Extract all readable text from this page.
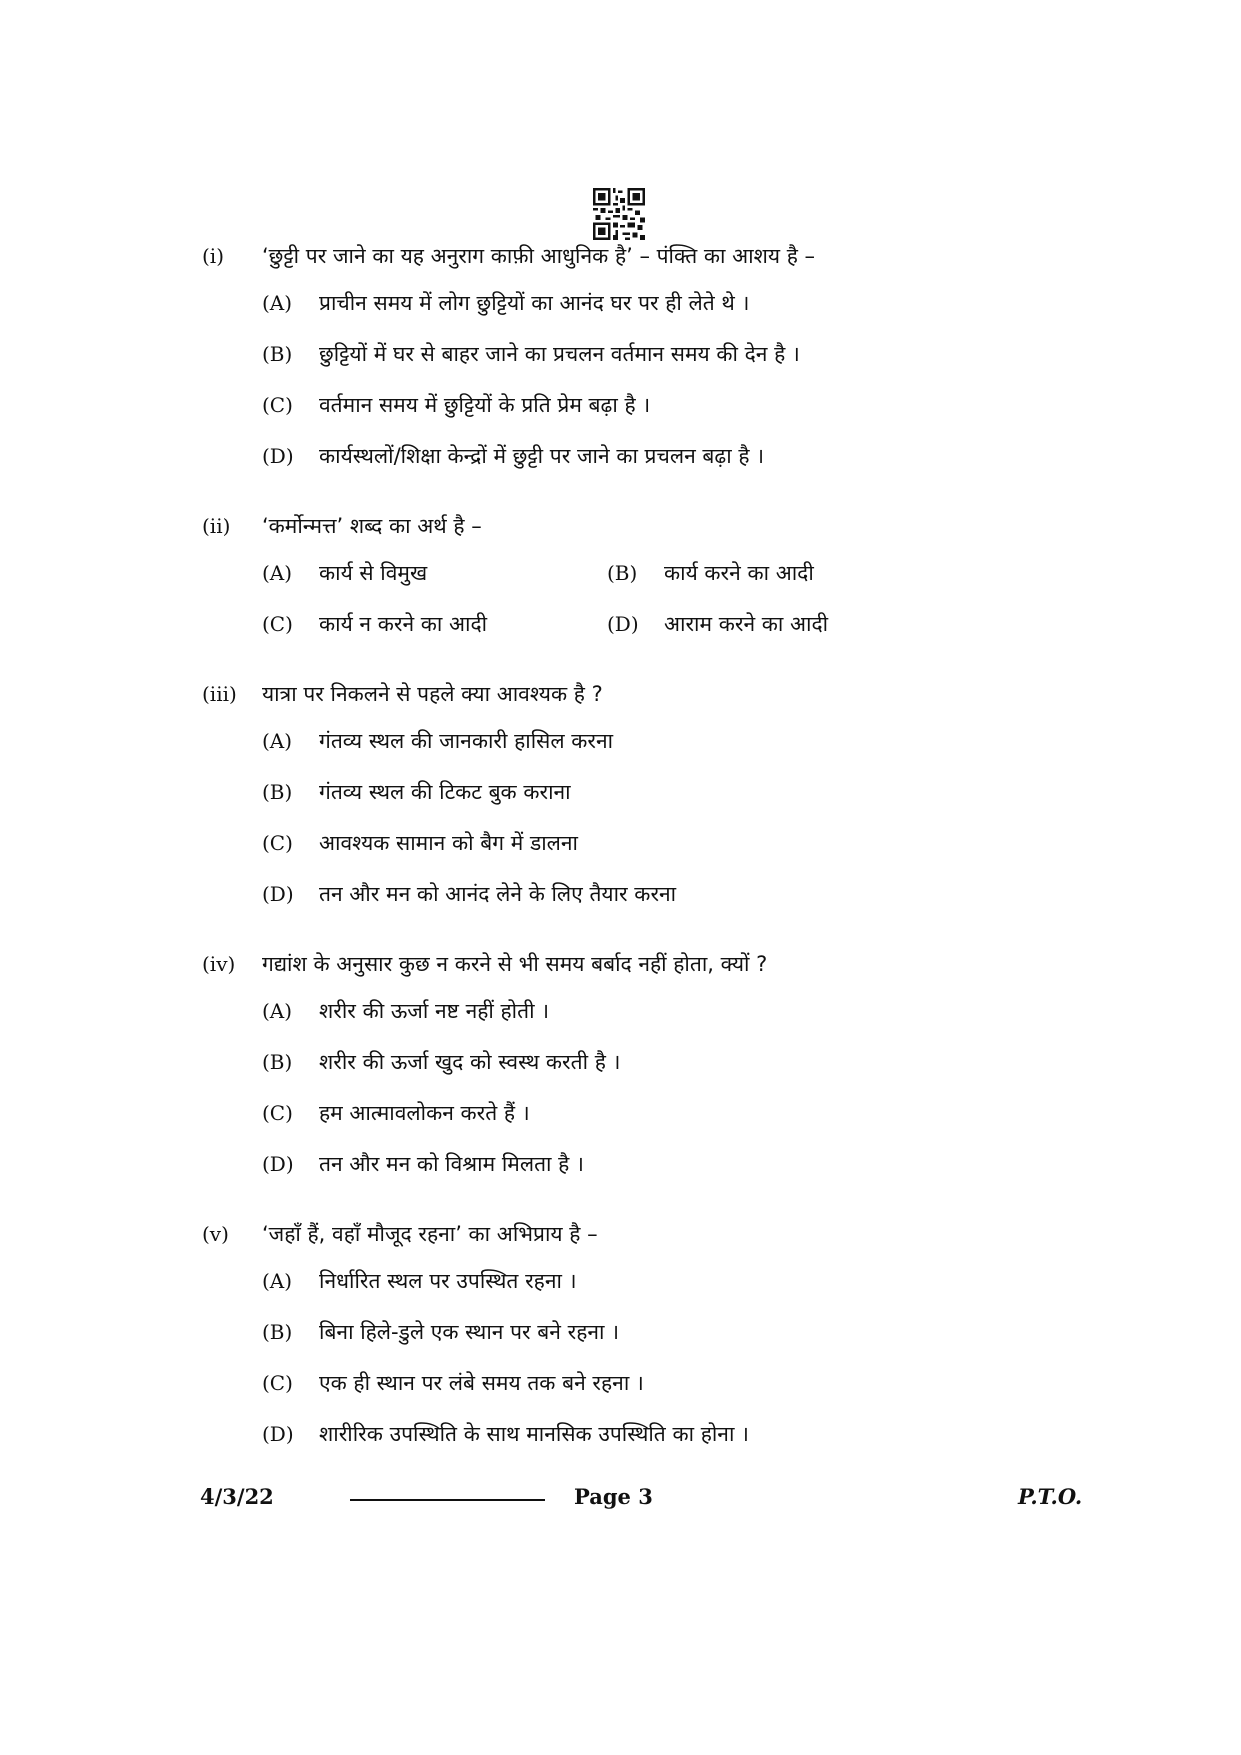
(i)	‘छुट्टी पर जाने का यह अनुराग काफ़ी आधुनिक है’ – पंक्ति का आशय है –
(A)	प्राचीन समय में लोग छुट्टियों का आनंद घर पर ही लेते थे ।
(B)	छुट्टियों में घर से बाहर जाने का प्रचलन वर्तमान समय की देन है ।
(C)	वर्तमान समय में छुट्टियों के प्रति प्रेम बढ़ा है ।
(D)	कार्यस्थलों/शिक्षा केन्द्रों में छुट्टी पर जाने का प्रचलन बढ़ा है ।
(ii)	‘कर्मोन्मत्त’ शब्द का अर्थ है –
(A)	कार्य से विमुख	(B)	कार्य करने का आदी
(C)	कार्य न करने का आदी	(D)	आराम करने का आदी
(iii)	यात्रा पर निकलने से पहले क्या आवश्यक है ?
(A)	गंतव्य स्थल की जानकारी हासिल करना
(B)	गंतव्य स्थल की टिकट बुक कराना
(C)	आवश्यक सामान को बैग में डालना
(D)	तन और मन को आनंद लेने के लिए तैयार करना
(iv)	गद्यांश के अनुसार कुछ न करने से भी समय बर्बाद नहीं होता, क्यों ?
(A)	शरीर की ऊर्जा नष्ट नहीं होती ।
(B)	शरीर की ऊर्जा खुद को स्वस्थ करती है ।
(C)	हम आत्मावलोकन करते हैं ।
(D)	तन और मन को विश्राम मिलता है ।
(v)	‘जहाँ हैं, वहाँ मौजूद रहना’ का अभिप्राय है –
(A)	निर्धारित स्थल पर उपस्थित रहना ।
(B)	बिना हिले-डुले एक स्थान पर बने रहना ।
(C)	एक ही स्थान पर लंबे समय तक बने रहना ।
(D)	शारीरिक उपस्थिति के साथ मानसिक उपस्थिति का होना ।
4/3/22	Page 3	P.T.O.
